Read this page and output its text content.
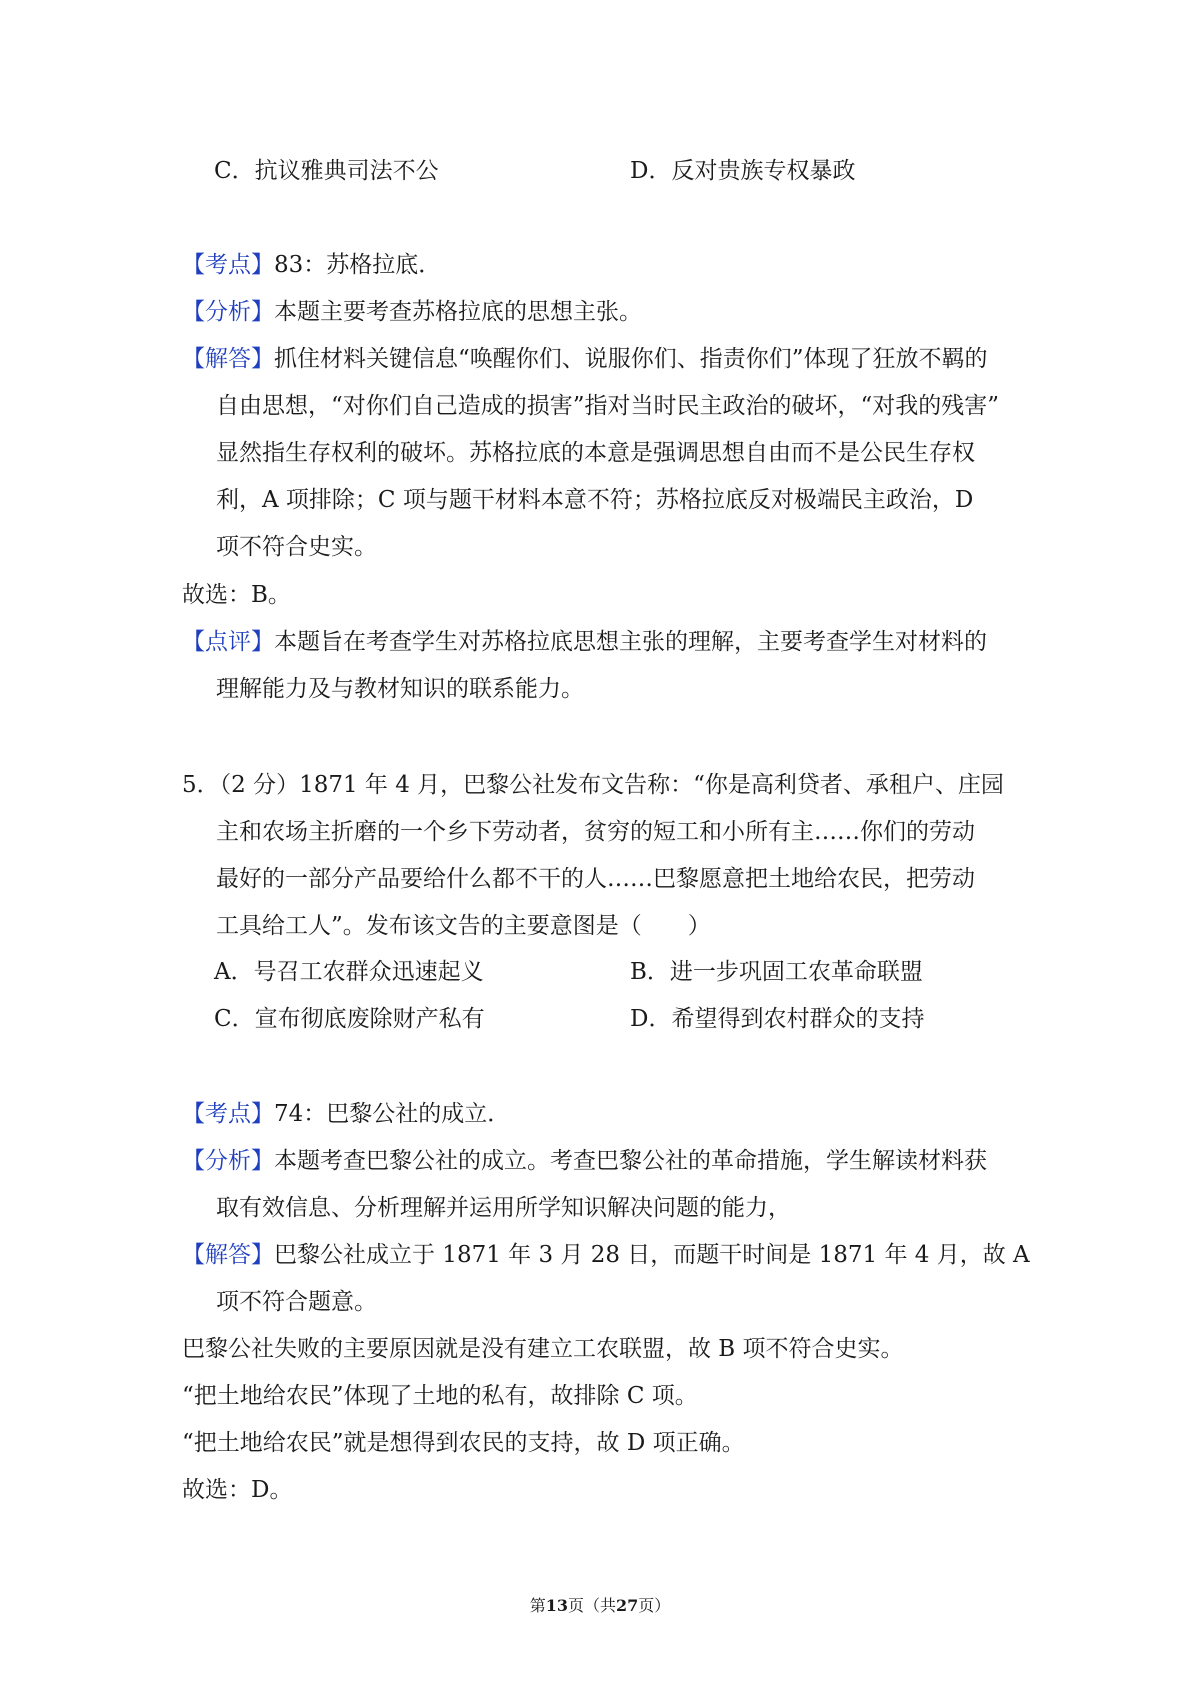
C．抗议雅典司法不公	D．反对贵族专权暴政
【考点】83：苏格拉底．
【分析】本题主要考查苏格拉底的思想主张。
【解答】抓住材料关键信息“唤醒你们、说服你们、指责你们”体现了狂放不羁的
自由思想，“对你们自己造成的损害”指对当时民主政治的破坏，“对我的残害”
显然指生存权利的破坏。苏格拉底的本意是强调思想自由而不是公民生存权
利，A 项排除；C 项与题干材料本意不符；苏格拉底反对极端民主政治，D
项不符合史实。
故选：B。
【点评】本题旨在考查学生对苏格拉底思想主张的理解，主要考查学生对材料的
理解能力及与教材知识的联系能力。
5．（2 分）1871 年 4 月，巴黎公社发布文告称：“你是高利贷者、承租户、庄园
主和农场主折磨的一个乡下劳动者，贫穷的短工和小所有主……你们的劳动
最好的一部分产品要给什么都不干的人……巴黎愿意把土地给农民，把劳动
工具给工人”。发布该文告的主要意图是（　　）
A．号召工农群众迅速起义	B．进一步巩固工农革命联盟
C．宣布彻底废除财产私有	D．希望得到农村群众的支持
【考点】74：巴黎公社的成立．
【分析】本题考查巴黎公社的成立。考查巴黎公社的革命措施，学生解读材料获
取有效信息、分析理解并运用所学知识解决问题的能力，
【解答】巴黎公社成立于 1871 年 3 月 28 日，而题干时间是 1871 年 4 月，故 A
项不符合题意。
巴黎公社失败的主要原因就是没有建立工农联盟，故 B 项不符合史实。
“把土地给农民”体现了土地的私有，故排除 C 项。
“把土地给农民”就是想得到农民的支持，故 D 项正确。
故选：D。
第13页（共27页）
